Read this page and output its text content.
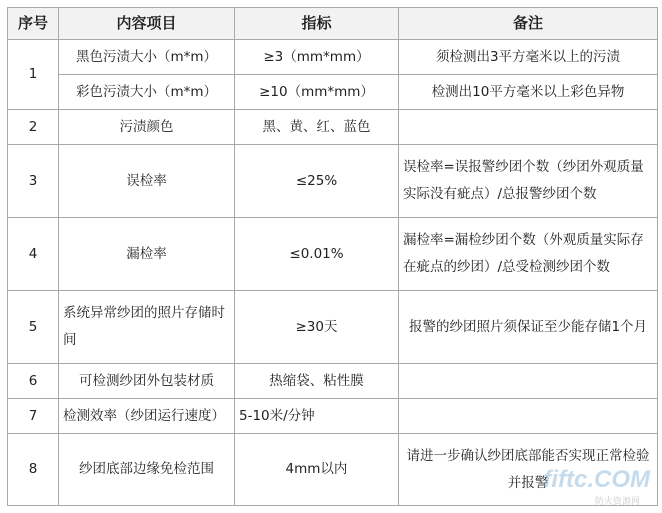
序号	内容项目	指标	备注
1	黑色污渍大小（m*m）	≥3（mm*mm）	须检测出3平方毫米以上的污渍
	彩色污渍大小（m*m）	≥10（mm*mm）	检测出10平方毫米以上彩色异物
2	污渍颜色	黑、黄、红、蓝色	
3	误检率	≤25%	误检率=误报警纱团个数（纱团外观质量实际没有疵点）/总报警纱团个数
4	漏检率	≤0.01%	漏检率=漏检纱团个数（外观质量实际存在疵点的纱团）/总受检测纱团个数
5	系统异常纱团的照片存储时间	≥30天	报警的纱团照片须保证至少能存储1个月
6	可检测纱团外包装材质	热缩袋、粘性膜	
7	检测效率（纱团运行速度）	5-10米/分钟	
8	纱团底部边缘免检范围	4mm以内	请进一步确认纱团底部能否实现正常检验并报警
fiftc.COM
防火资源网
